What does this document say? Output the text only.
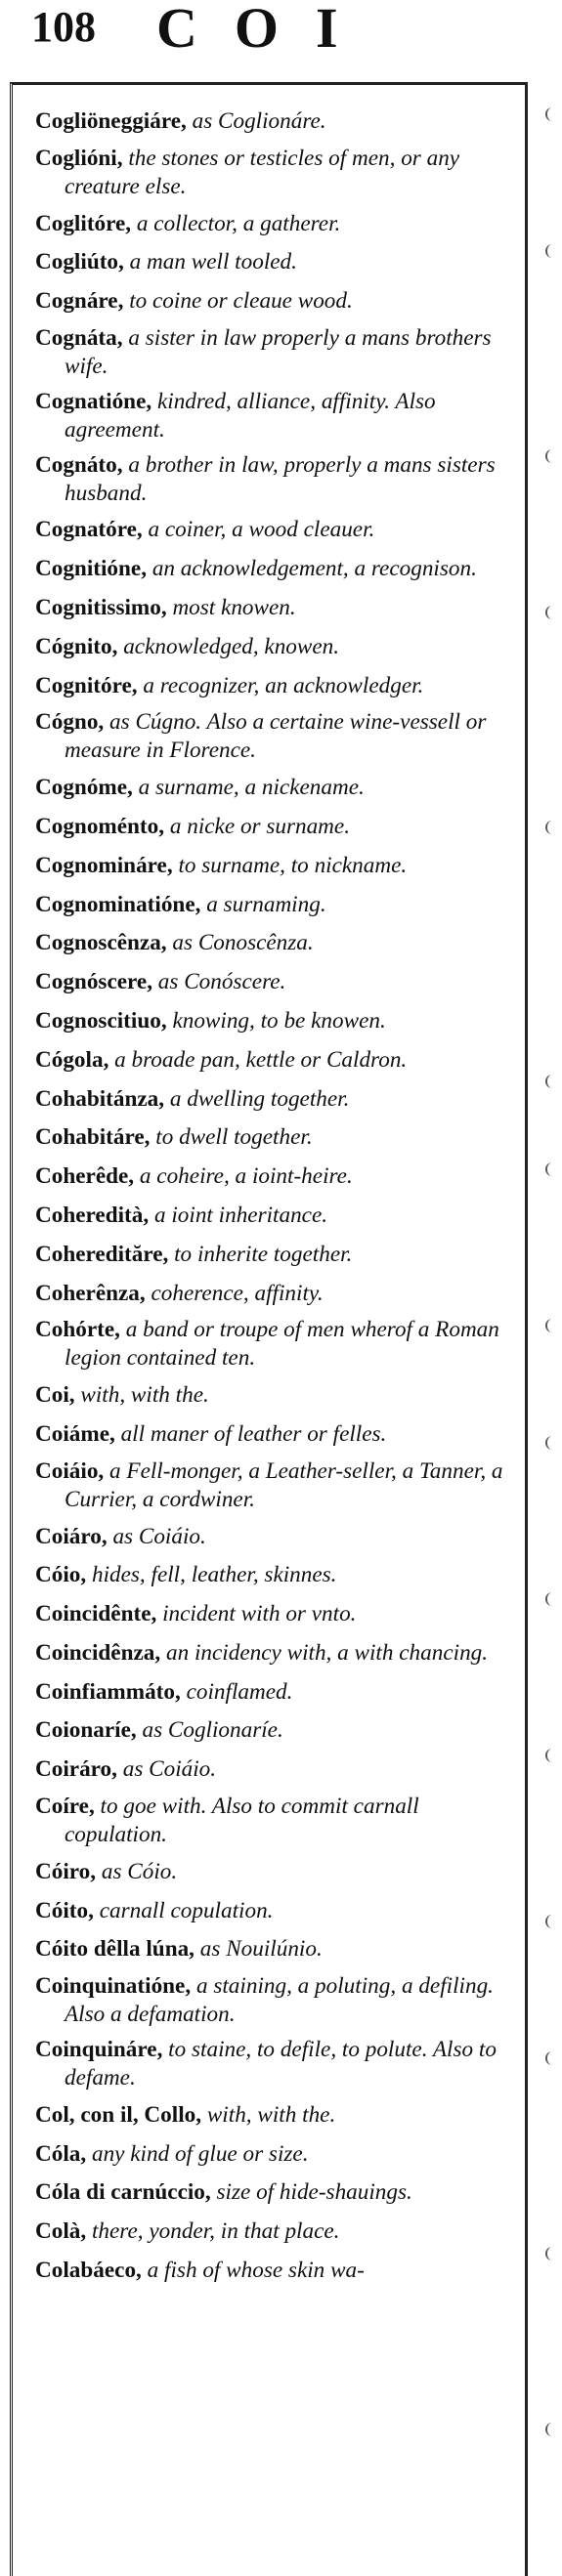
108 COI
Cogliöneggiáre, as Coglionáre.
Coglióni, the stones or testicles of men, or any creature else.
Coglitóre, a collector, a gatherer.
Cogliúto, a man well tooled.
Cognáre, to coine or cleaue wood.
Cognáta, a sister in law properly a mans brothers wife.
Cognatióne, kindred, alliance, affinity. Also agreement.
Cognáto, a brother in law, properly a mans sisters husband.
Cognatóre, a coiner, a wood cleauer.
Cognitióne, an acknowledgement, a recognison.
Cognitissimo, most knowen.
Cógnito, acknowledged, knowen.
Cognitóre, a recognizer, an acknowledger.
Cógno, as Cúgno. Also a certaine wine-vessell or measure in Florence.
Cognóme, a surname, a nickename.
Cognoménto, a nicke or surname.
Cognomináre, to surname, to nickname.
Cognominatióne, a surnaming.
Cognoscênza, as Conoscênza.
Cognóscere, as Conóscere.
Cognoscitiuo, knowing, to be knowen.
Cógola, a broade pan, kettle or Caldron.
Cohabitánza, a dwelling together.
Cohabitáre, to dwell together.
Coherêde, a coheire, a ioint-heire.
Coheredità, a ioint inheritance.
Coheredităre, to inherite together.
Coherênza, coherence, affinity.
Cohórte, a band or troupe of men wherof a Roman legion contained ten.
Coi, with, with the.
Coiáme, all maner of leather or felles.
Coiáio, a Fell-monger, a Leather-seller, a Tanner, a Currier, a cordwiner.
Coiáro, as Coiáio.
Cóio, hides, fell, leather, skinnes.
Coincidênte, incident with or vnto.
Coincidênza, an incidency with, a with chancing.
Coinfiammáto, coinflamed.
Coionaríe, as Coglionaríe.
Coiráro, as Coiáio.
Coíre, to goe with. Also to commit carnall copulation.
Cóiro, as Cóio.
Cóito, carnall copulation.
Cóito dêlla lúna, as Nouilúnio.
Coinquinatióne, a staining, a poluting, a defiling. Also a defamation.
Coinquináre, to staine, to defile, to polute. Also to defame.
Col, con il, Collo, with, with the.
Cóla, any kind of glue or size.
Cóla di carnúccio, size of hide-shauings.
Colà, there, yonder, in that place.
Colabáeco, a fish of whose skin wa-
